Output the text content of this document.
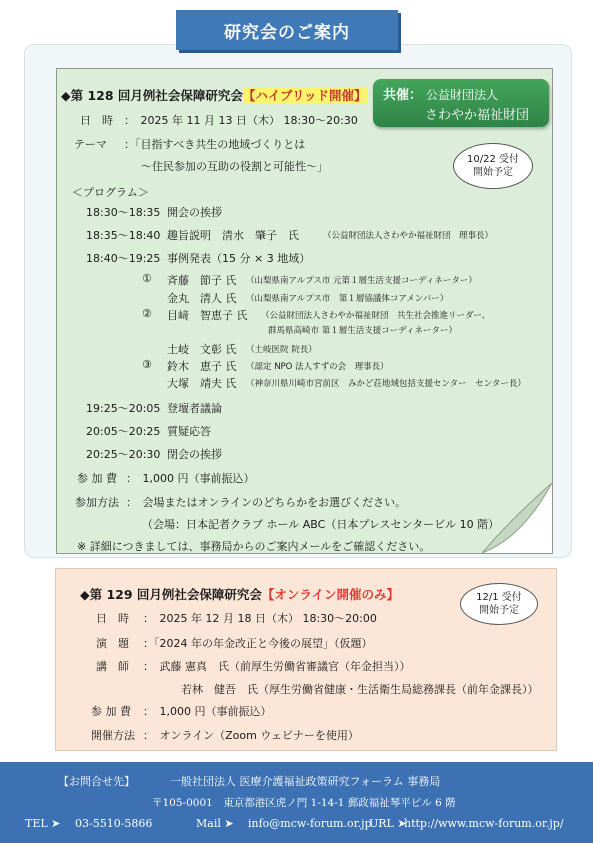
研究会のご案内
共催： 公益財団法人
さわやか福祉財団
10/22 受付
開始予定
◆第 128 回月例社会保障研究会【ハイブリッド開催】
日　時 ：　2025 年 11 月 13 日（木） 18:30～20:30
テーマ ：「目指すべき共生の地域づくりとは
～住民参加の互助の役割と可能性～」
＜プログラム＞
18:30～18:35 開会の挨拶
18:35～18:40 趣旨説明　清水　肇子　氏	（公益財団法人さわやか福祉財団　理事長）
18:40～19:25 事例発表（15 分 × 3 地域）
① 斉藤　節子 氏 （山梨県南アルプス市 元第１層生活支援コーディネーター）
金丸　清人 氏 （山梨県南アルプス市　第１層協議体コアメンバー）
② 目﨑　智恵子 氏 （公益財団法人さわやか福祉財団　共生社会推進リーダー、
群馬県高崎市 第１層生活支援コーディネーター）
土岐　文彰 氏 （土岐医院 院長）
③ 鈴木　恵子 氏 （認定 NPO 法人すずの会　理事長）
大塚　靖夫 氏 （神奈川県川崎市宮前区　みかど荘地域包括支援センター　センター長）
19:25～20:05 登壇者議論
20:05～20:25 質疑応答
20:25～20:30 閉会の挨拶
参 加 費 ：　1,000 円（事前振込）
参加方法 ：　会場またはオンラインのどちらかをお選びください。
（会場：日本記者クラブ ホール ABC（日本プレスセンタービル 10 階）
※ 詳細につきましては、事務局からのご案内メールをご確認ください。
12/1 受付
開始予定
◆第 129 回月例社会保障研究会【オンライン開催のみ】
日　時 ：　2025 年 12 月 18 日（木） 18:30～20:00
演　題 ：「2024 年の年金改正と今後の展望」（仮題）
講　師 ：　武藤 憲真　氏（前厚生労働省審議官（年金担当））
若林　健吾　氏（厚生労働省健康・生活衛生局総務課長（前年金課長））
参 加 費 ：　1,000 円（事前振込）
開催方法 ：　オンライン（Zoom ウェビナーを使用）
【お問合せ先】	一般社団法人 医療介護福祉政策研究フォーラム 事務局
〒105-0001　東京都港区虎ノ門 1-14-1 郵政福祉琴平ビル 6 階
TEL ➤ 03-5510-5866	Mail ➤ info@mcw-forum.or.jp
URL ➤
http://www.mcw-forum.or.jp/
